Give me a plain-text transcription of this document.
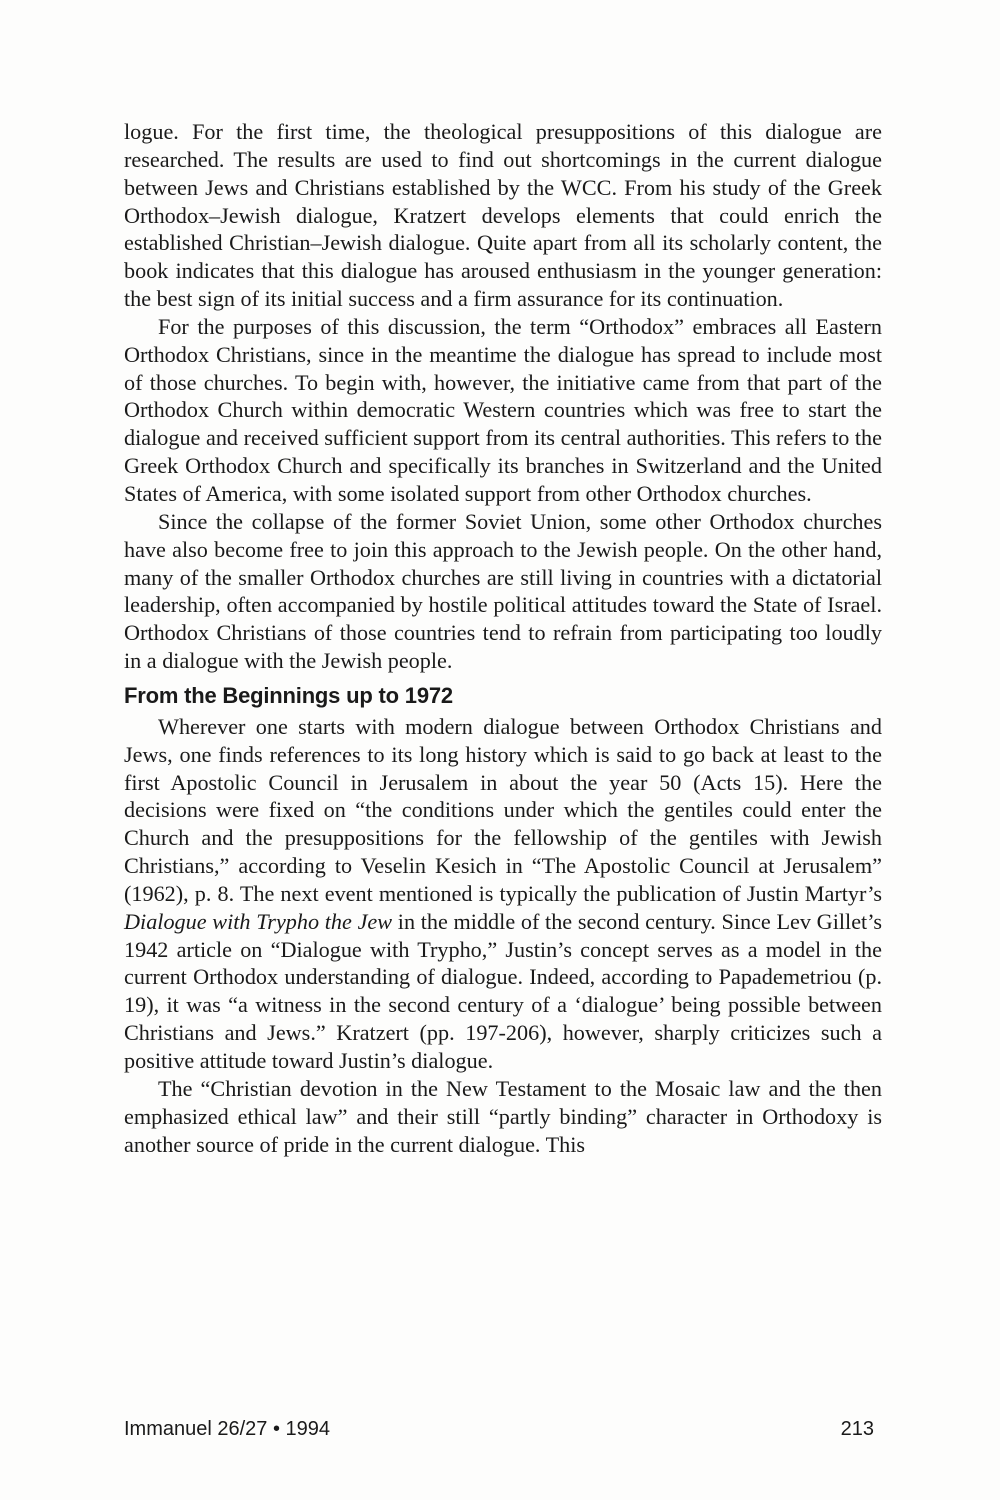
logue. For the first time, the theological presuppositions of this dialogue are researched. The results are used to find out shortcomings in the current dialogue between Jews and Christians established by the WCC. From his study of the Greek Orthodox–Jewish dialogue, Kratzert develops elements that could enrich the established Christian–Jewish dialogue. Quite apart from all its scholarly content, the book indicates that this dialogue has aroused enthusiasm in the younger generation: the best sign of its initial success and a firm assurance for its continuation.

For the purposes of this discussion, the term “Orthodox” embraces all Eastern Orthodox Christians, since in the meantime the dialogue has spread to include most of those churches. To begin with, however, the initiative came from that part of the Orthodox Church within democratic Western countries which was free to start the dialogue and received sufficient support from its central authorities. This refers to the Greek Orthodox Church and specifically its branches in Switzerland and the United States of America, with some isolated support from other Orthodox churches.

Since the collapse of the former Soviet Union, some other Orthodox churches have also become free to join this approach to the Jewish people. On the other hand, many of the smaller Orthodox churches are still living in countries with a dictatorial leadership, often accompanied by hostile political attitudes toward the State of Israel. Orthodox Christians of those countries tend to refrain from participating too loudly in a dialogue with the Jewish people.

From the Beginnings up to 1972

Wherever one starts with modern dialogue between Orthodox Christians and Jews, one finds references to its long history which is said to go back at least to the first Apostolic Council in Jerusalem in about the year 50 (Acts 15). Here the decisions were fixed on “the conditions under which the gentiles could enter the Church and the presuppositions for the fellowship of the gentiles with Jewish Christians,” according to Veselin Kesich in “The Apostolic Council at Jerusalem” (1962), p. 8. The next event mentioned is typically the publication of Justin Martyr’s Dialogue with Trypho the Jew in the middle of the second century. Since Lev Gillet’s 1942 article on “Dialogue with Trypho,” Justin’s concept serves as a model in the current Orthodox understanding of dialogue. Indeed, according to Papademetriou (p. 19), it was “a witness in the second century of a ‘dialogue’ being possible between Christians and Jews.” Kratzert (pp. 197-206), however, sharply criticizes such a positive attitude toward Justin’s dialogue.

The “Christian devotion in the New Testament to the Mosaic law and the then emphasized ethical law” and their still “partly binding” character in Orthodoxy is another source of pride in the current dialogue. This

Immanuel 26/27 • 1994	213
